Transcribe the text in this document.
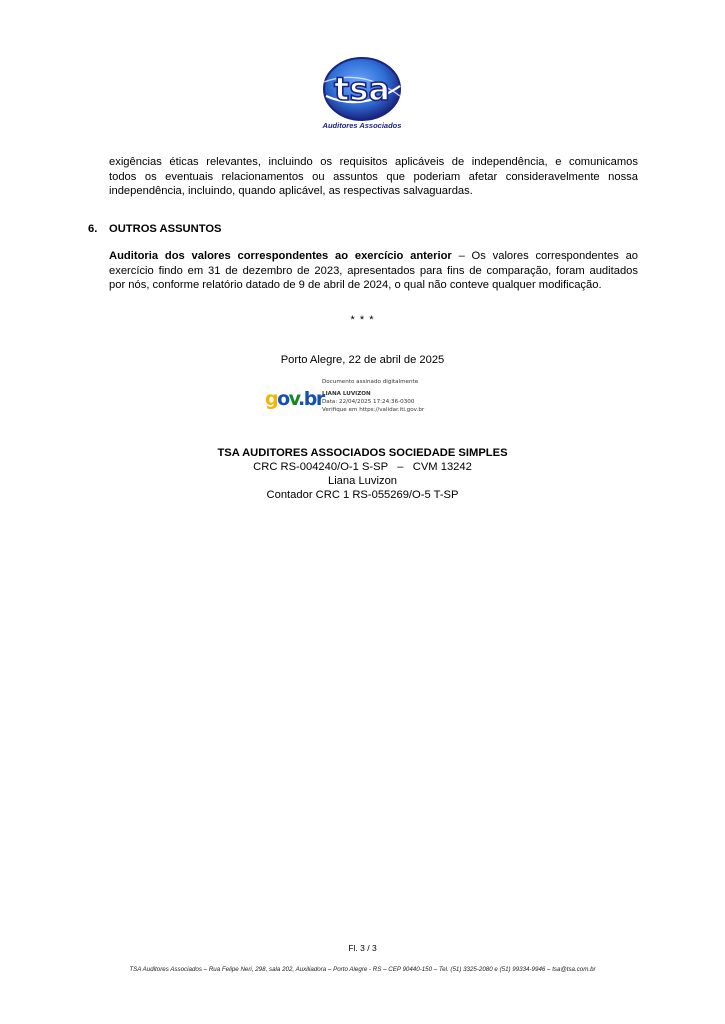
tsa
Auditores Associados
exigências éticas relevantes, incluindo os requisitos aplicáveis de independência, e comunicamos
todos os eventuais relacionamentos ou assuntos que poderiam afetar consideravelmente nossa
independência, incluindo, quando aplicável, as respectivas salvaguardas.
6. OUTROS ASSUNTOS
Auditoria dos valores correspondentes ao exercício anterior – Os valores correspondentes ao
exercício findo em 31 de dezembro de 2023, apresentados para fins de comparação, foram auditados
por nós, conforme relatório datado de 9 de abril de 2024, o qual não conteve qualquer modificação.
* * *
Porto Alegre, 22 de abril de 2025
gov.br
Documento assinado digitalmente
LIANA LUVIZON
Data: 22/04/2025 17:24:36-0300
Verifique em https://validar.iti.gov.br
TSA AUDITORES ASSOCIADOS SOCIEDADE SIMPLES
CRC RS-004240/O-1 S-SP   –   CVM 13242
Liana Luvizon
Contador CRC 1 RS-055269/O-5 T-SP
Fl. 3 / 3
TSA Auditores Associados – Rua Felipe Neri, 298, sala 202, Auxiliadora – Porto Alegre - RS – CEP 90440-150 – Tel. (51) 3325-2080 e (51) 99334-9946 – tsa@tsa.com.br
